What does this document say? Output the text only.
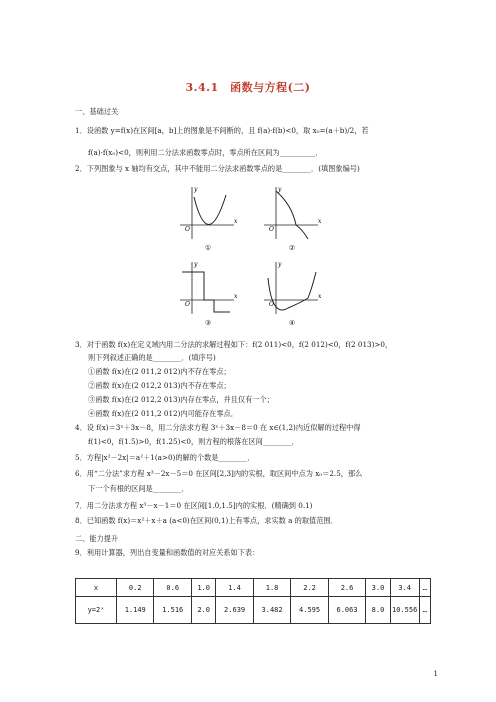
3.4.1　函数与方程(二)
一、基础过关
1．设函数 y=f(x)在区间[a，b]上的图象是不间断的，且 f(a)·f(b)<0，取 x₀=(a＋b)/2，若
f(a)·f(x₀)<0，则利用二分法求函数零点时，零点所在区间为__________．
2．下列图象与 x 轴均有交点，其中不能用二分法求函数零点的是________．(填图象编号)
x
y
O
①
x
y
O
②
x
y
O
③
x
y
O
④
3．对于函数 f(x)在定义域内用二分法的求解过程如下：f(2 011)<0，f(2 012)<0，f(2 013)>0，
则下列叙述正确的是________．(填序号)
①函数 f(x)在(2 011,2 012)内不存在零点；
②函数 f(x)在(2 012,2 013)内不存在零点；
③函数 f(x)在(2 012,2 013)内存在零点，并且仅有一个；
④函数 f(x)在(2 011,2 012)内可能存在零点．
4．设 f(x)＝3ˣ＋3x－8，用二分法求方程 3ˣ＋3x－8＝0 在 x∈(1,2)内近似解的过程中得
f(1)<0，f(1.5)>0，f(1.25)<0，则方程的根落在区间________．
5．方程|x²－2x|＝a²＋1(a>0)的解的个数是________．
6．用“二分法”求方程 x³－2x－5＝0 在区间[2,3]内的实根，取区间中点为 x₀＝2.5，那么
下一个有根的区间是________．
7．用二分法求方程 x³－x－1＝0 在区间[1.0,1.5]内的实根．(精确到 0.1)
8．已知函数 f(x)＝x²＋x＋a (a<0)在区间(0,1)上有零点，求实数 a 的取值范围．
二、能力提升
9．利用计算器，列出自变量和函数值的对应关系如下表：
x	0.2	0.6	1.0	1.4	1.8	2.2	2.6	3.0	3.4	…
y=2ˣ	1.149	1.516	2.0	2.639	3.482	4.595	6.063	8.0	10.556	…
1
